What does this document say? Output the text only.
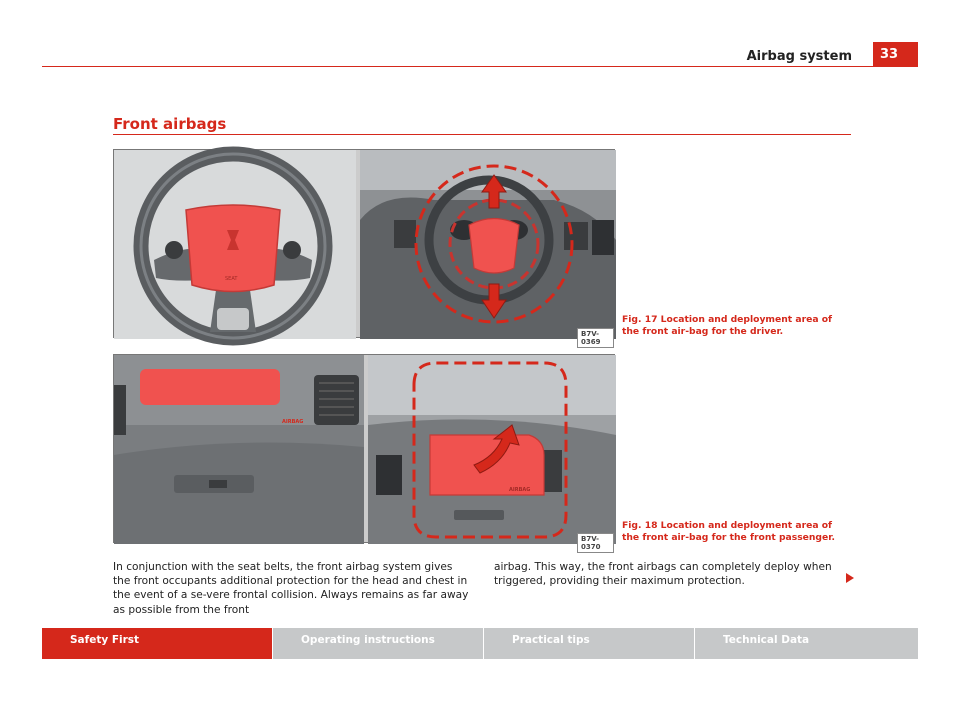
Airbag system	33
Front airbags
SEAT
B7V-0369
Fig. 17 Location and deployment area of the front air-bag for the driver.
AIRBAG
AIRBAG
B7V-0370
Fig. 18 Location and deployment area of the front air-bag for the front passenger.
In conjunction with the seat belts, the front airbag system gives the front occupants additional protection for the head and chest in the event of a se-vere frontal collision. Always remains as far away as possible from the front
airbag. This way, the front airbags can completely deploy when triggered, providing their maximum protection.
Safety First	Operating instructions	Practical tips	Technical Data
